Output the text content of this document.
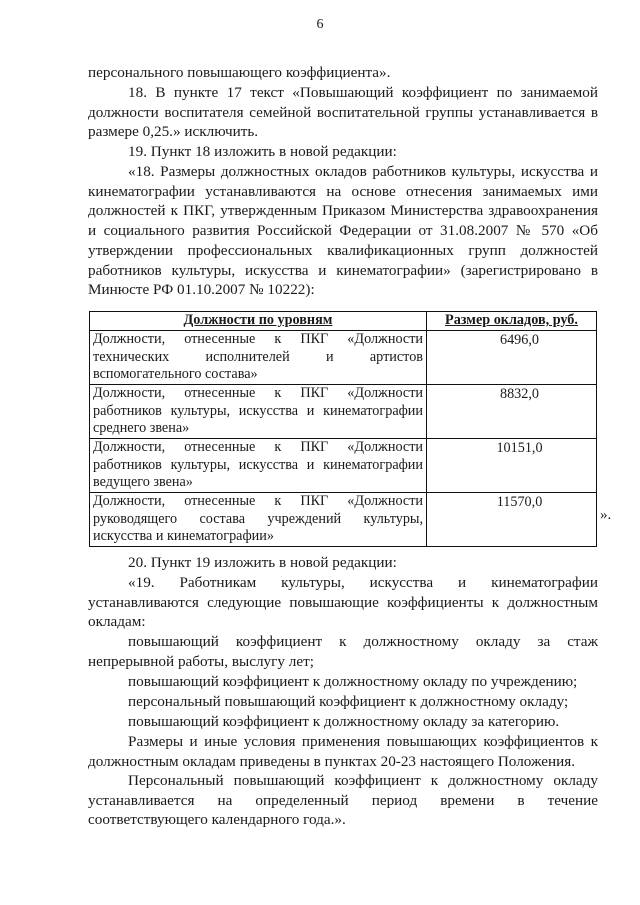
6

персонального повышающего коэффициента».

18. В пункте 17 текст «Повышающий коэффициент по занимаемой должности воспитателя семейной воспитательной группы устанавливается в размере 0,25.» исключить.

19. Пункт 18 изложить в новой редакции:

«18. Размеры должностных окладов работников культуры, искусства и кинематографии устанавливаются на основе отнесения занимаемых ими должностей к ПКГ, утвержденным Приказом Министерства здравоохранения и социального развития Российской Федерации от 31.08.2007 № 570 «Об утверждении профессиональных квалификационных групп должностей работников культуры, искусства и кинематографии» (зарегистрировано в Минюсте РФ 01.10.2007 № 10222):

Должности по уровням	Размер окладов, руб.
Должности, отнесенные к ПКГ «Должности технических исполнителей и артистов вспомогательного состава»	6496,0
Должности, отнесенные к ПКГ «Должности работников культуры, искусства и кинематографии среднего звена»	8832,0
Должности, отнесенные к ПКГ «Должности работников культуры, искусства и кинематографии ведущего звена»	10151,0
Должности, отнесенные к ПКГ «Должности руководящего состава учреждений культуры, искусства и кинематографии»	11570,0
».

20. Пункт 19 изложить в новой редакции:

«19. Работникам культуры, искусства и кинематографии устанавливаются следующие повышающие коэффициенты к должностным окладам:

повышающий коэффициент к должностному окладу за стаж непрерывной работы, выслугу лет;

повышающий коэффициент к должностному окладу по учреждению;

персональный повышающий коэффициент к должностному окладу;

повышающий коэффициент к должностному окладу за категорию.

Размеры и иные условия применения повышающих коэффициентов к должностным окладам приведены в пунктах 20-23 настоящего Положения.

Персональный повышающий коэффициент к должностному окладу устанавливается на определенный период времени в течение соответствующего календарного года.».
